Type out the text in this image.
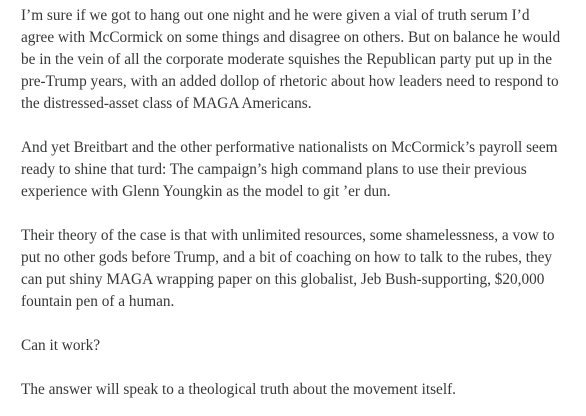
I’m sure if we got to hang out one night and he were given a vial of truth serum I’d agree with McCormick on some things and disagree on others. But on balance he would be in the vein of all the corporate moderate squishes the Republican party put up in the pre-Trump years, with an added dollop of rhetoric about how leaders need to respond to the distressed-asset class of MAGA Americans.

And yet Breitbart and the other performative nationalists on McCormick’s payroll seem ready to shine that turd: The campaign’s high command plans to use their previous experience with Glenn Youngkin as the model to git ’er dun.

Their theory of the case is that with unlimited resources, some shamelessness, a vow to put no other gods before Trump, and a bit of coaching on how to talk to the rubes, they can put shiny MAGA wrapping paper on this globalist, Jeb Bush-supporting, $20,000 fountain pen of a human.

Can it work?

The answer will speak to a theological truth about the movement itself.
